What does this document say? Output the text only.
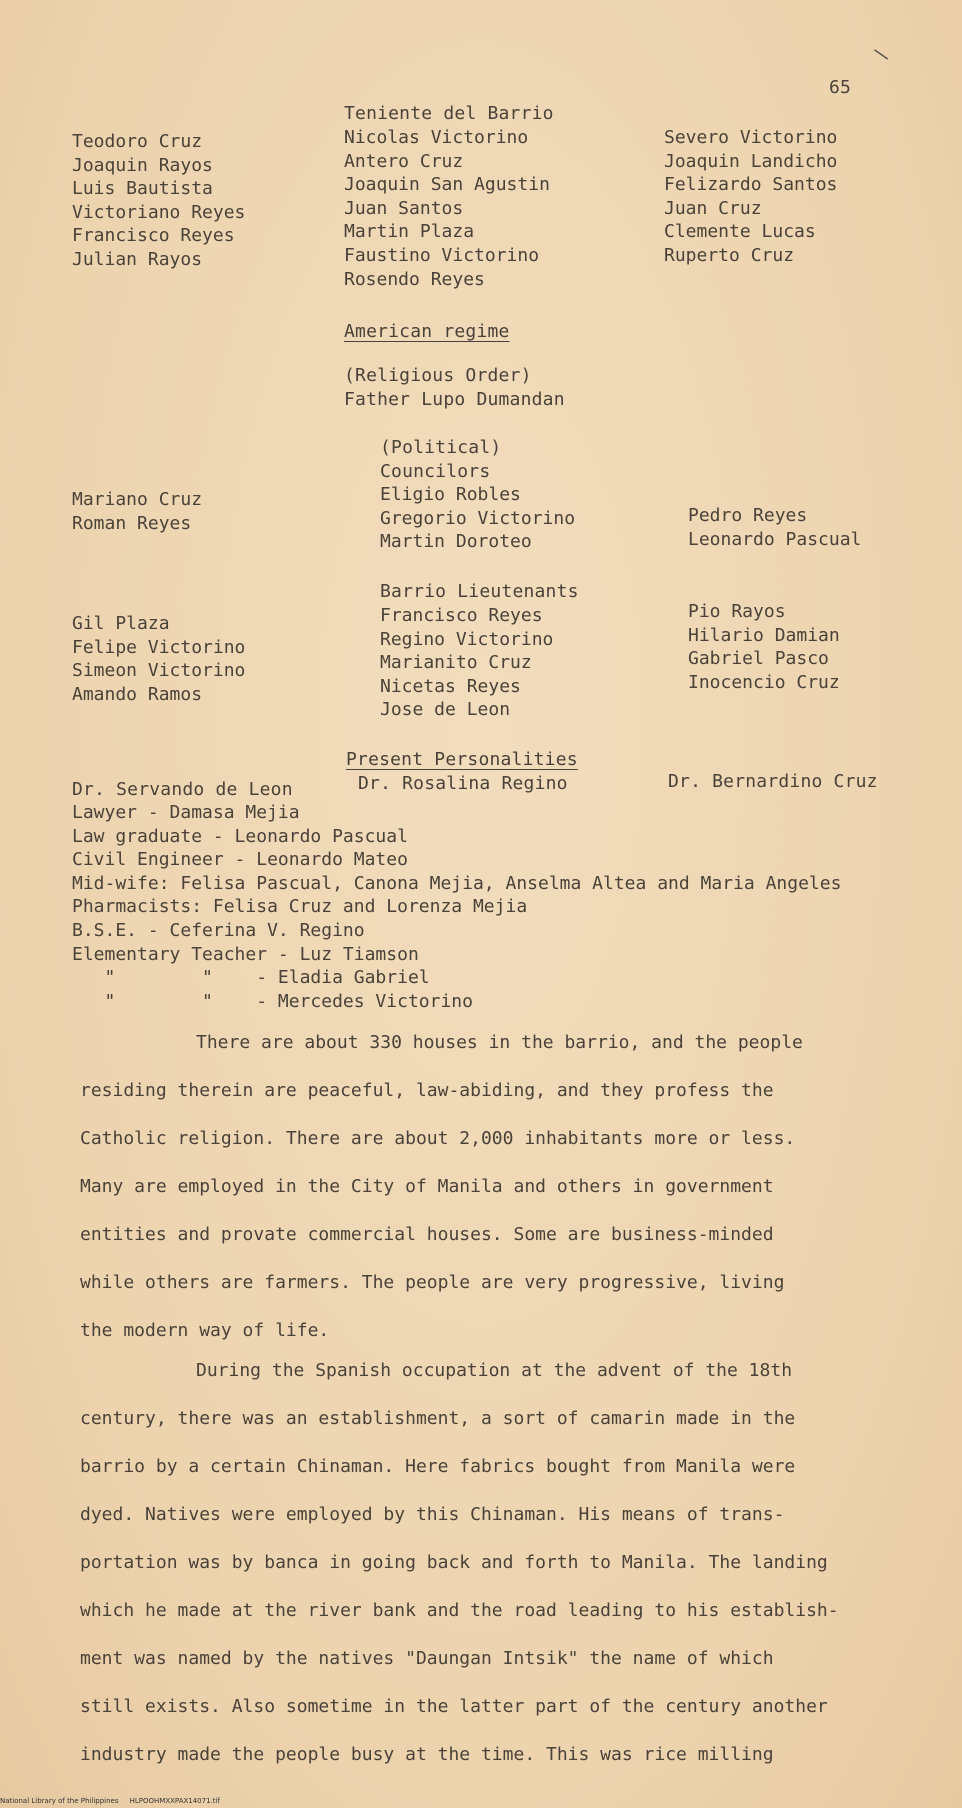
\
65
Teniente del Barrio
Teodoro Cruz
Joaquin Rayos
Luis Bautista
Victoriano Reyes
Francisco Reyes
Julian Rayos
Nicolas Victorino
Antero Cruz
Joaquin San Agustin
Juan Santos
Martin Plaza
Faustino Victorino
Rosendo Reyes
Severo Victorino
Joaquin Landicho
Felizardo Santos
Juan Cruz
Clemente Lucas
Ruperto Cruz
American regime
(Religious Order)
Father Lupo Dumandan
(Political)
Councilors
Mariano Cruz
Roman Reyes
Eligio Robles
Gregorio Victorino
Martin Doroteo
Pedro Reyes
Leonardo Pascual
Barrio Lieutenants
Gil Plaza
Felipe Victorino
Simeon Victorino
Amando Ramos
Francisco Reyes
Regino Victorino
Marianito Cruz
Nicetas Reyes
Jose de Leon
Pio Rayos
Hilario Damian
Gabriel Pasco
Inocencio Cruz
Present Personalities
Dr. Servando de Leon	Dr. Rosalina Regino	Dr. Bernardino Cruz
Lawyer - Damasa Mejia
Law graduate - Leonardo Pascual
Civil Engineer - Leonardo Mateo
Mid-wife: Felisa Pascual, Canona Mejia, Anselma Altea and Maria Angeles
Pharmacists: Felisa Cruz and Lorenza Mejia
B.S.E. - Ceferina V. Regino
Elementary Teacher - Luz Tiamson
"        "    - Eladia Gabriel
"        "    - Mercedes Victorino
There are about 330 houses in the barrio, and the people
residing therein are peaceful, law-abiding, and they profess the
Catholic religion. There are about 2,000 inhabitants more or less.
Many are employed in the City of Manila and others in government
entities and provate commercial houses. Some are business-minded
while others are farmers. The people are very progressive, living
the modern way of life.
During the Spanish occupation at the advent of the 18th
century, there was an establishment, a sort of camarin made in the
barrio by a certain Chinaman. Here fabrics bought from Manila were
dyed. Natives were employed by this Chinaman. His means of trans-
portation was by banca in going back and forth to Manila. The landing
which he made at the river bank and the road leading to his establish-
ment was named by the natives "Daungan Intsik" the name of which
still exists. Also sometime in the latter part of the century another
industry made the people busy at the time. This was rice milling
National Library of the Philippines     HLPOOHMXXPAX14071.tif
